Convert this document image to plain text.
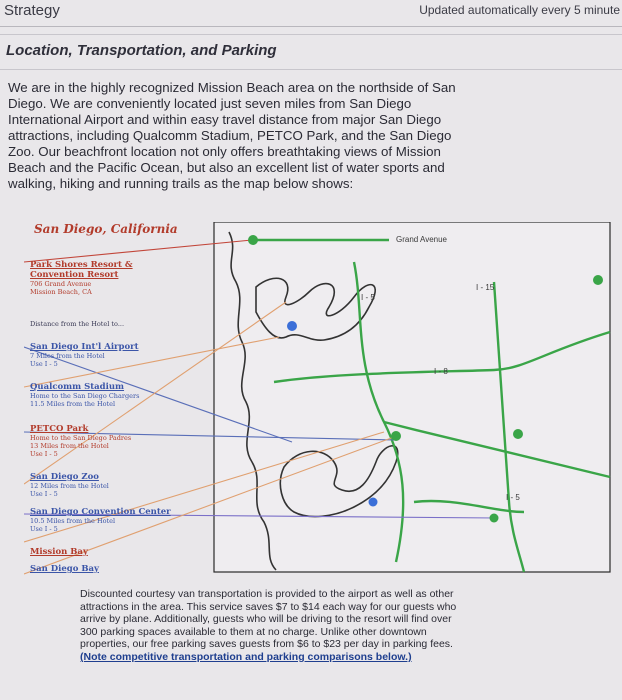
Strategy	Updated automatically every 5 minute
Location, Transportation, and Parking
We are in the highly recognized Mission Beach area on the northside of San Diego. We are conveniently located just seven miles from San Diego International Airport and within easy travel distance from major San Diego attractions, including Qualcomm Stadium, PETCO Park, and the San Diego Zoo. Our beachfront location not only offers breathtaking views of Mission Beach and the Pacific Ocean, but also an excellent list of water sports and walking, hiking and running trails as the map below shows:
Grand Avenue
I - 5
I - 15
I - 8
I - 5
San Diego, California
Park Shores Resort &
Convention Resort
706 Grand Avenue
Mission Beach, CA
Distance from the Hotel to...
San Diego Int'l Airport
7 Miles from the Hotel
Use I - 5
Qualcomm Stadium
Home to the San Diego Chargers
11.5 Miles from the Hotel
PETCO Park
Home to the San Diego Padres
13 Miles from the Hotel
Use I - 5
San Diego Zoo
12 Miles from the Hotel
Use I - 5
San Diego Convention Center
10.5 Miles from the Hotel
Use I - 5
Mission Bay
San Diego Bay
Discounted courtesy van transportation is provided to the airport as well as other attractions in the area. This service saves $7 to $14 each way for our guests who arrive by plane. Additionally, guests who will be driving to the resort will find over 300 parking spaces available to them at no charge. Unlike other downtown properties, our free parking saves guests from $6 to $23 per day in parking fees. (Note competitive transportation and parking comparisons below.)
